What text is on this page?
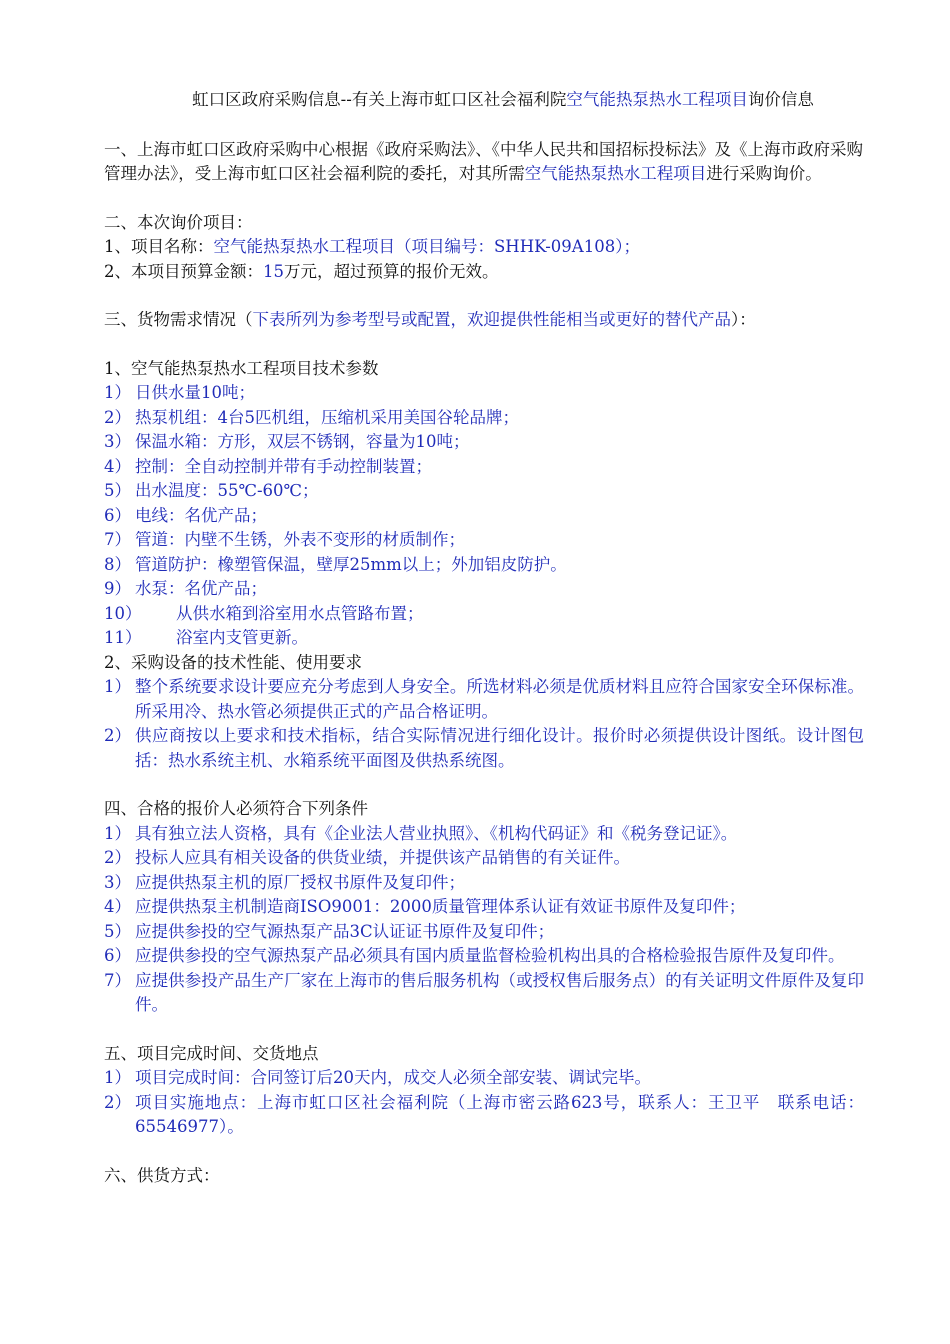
虹口区政府采购信息--有关上海市虹口区社会福利院空气能热泵热水工程项目询价信息
一、上海市虹口区政府采购中心根据《政府采购法》、《中华人民共和国招标投标法》及《上海市政府采购管理办法》，受上海市虹口区社会福利院的委托，对其所需空气能热泵热水工程项目进行采购询价。
二、本次询价项目：
1、项目名称：空气能热泵热水工程项目（项目编号：SHHK-09A108）；
2、本项目预算金额：15万元，超过预算的报价无效。
三、货物需求情况（下表所列为参考型号或配置，欢迎提供性能相当或更好的替代产品）：
1、空气能热泵热水工程项目技术参数
1） 日供水量10吨；
2） 热泵机组：4台5匹机组，压缩机采用美国谷轮品牌；
3） 保温水箱：方形，双层不锈钢，容量为10吨；
4） 控制：全自动控制并带有手动控制装置；
5） 出水温度：55℃-60℃；
6） 电线：名优产品；
7） 管道：内壁不生锈，外表不变形的材质制作；
8） 管道防护：橡塑管保温，壁厚25mm以上；外加铝皮防护。
9） 水泵：名优产品；
10）	从供水箱到浴室用水点管路布置；
11）	浴室内支管更新。
2、采购设备的技术性能、使用要求
1） 整个系统要求设计要应充分考虑到人身安全。所选材料必须是优质材料且应符合国家安全环保标准。所采用冷、热水管必须提供正式的产品合格证明。
2） 供应商按以上要求和技术指标，结合实际情况进行细化设计。报价时必须提供设计图纸。设计图包括：热水系统主机、水箱系统平面图及供热系统图。
四、合格的报价人必须符合下列条件
1） 具有独立法人资格，具有《企业法人营业执照》、《机构代码证》和《税务登记证》。
2） 投标人应具有相关设备的供货业绩，并提供该产品销售的有关证件。
3） 应提供热泵主机的原厂授权书原件及复印件；
4） 应提供热泵主机制造商ISO9001：2000质量管理体系认证有效证书原件及复印件；
5） 应提供参投的空气源热泵产品3C认证证书原件及复印件；
6） 应提供参投的空气源热泵产品必须具有国内质量监督检验机构出具的合格检验报告原件及复印件。
7） 应提供参投产品生产厂家在上海市的售后服务机构（或授权售后服务点）的有关证明文件原件及复印件。
五、项目完成时间、交货地点
1） 项目完成时间：合同签订后20天内，成交人必须全部安装、调试完毕。
2） 项目实施地点：上海市虹口区社会福利院（上海市密云路623号，联系人：王卫平　联系电话：65546977）。
六、供货方式：
